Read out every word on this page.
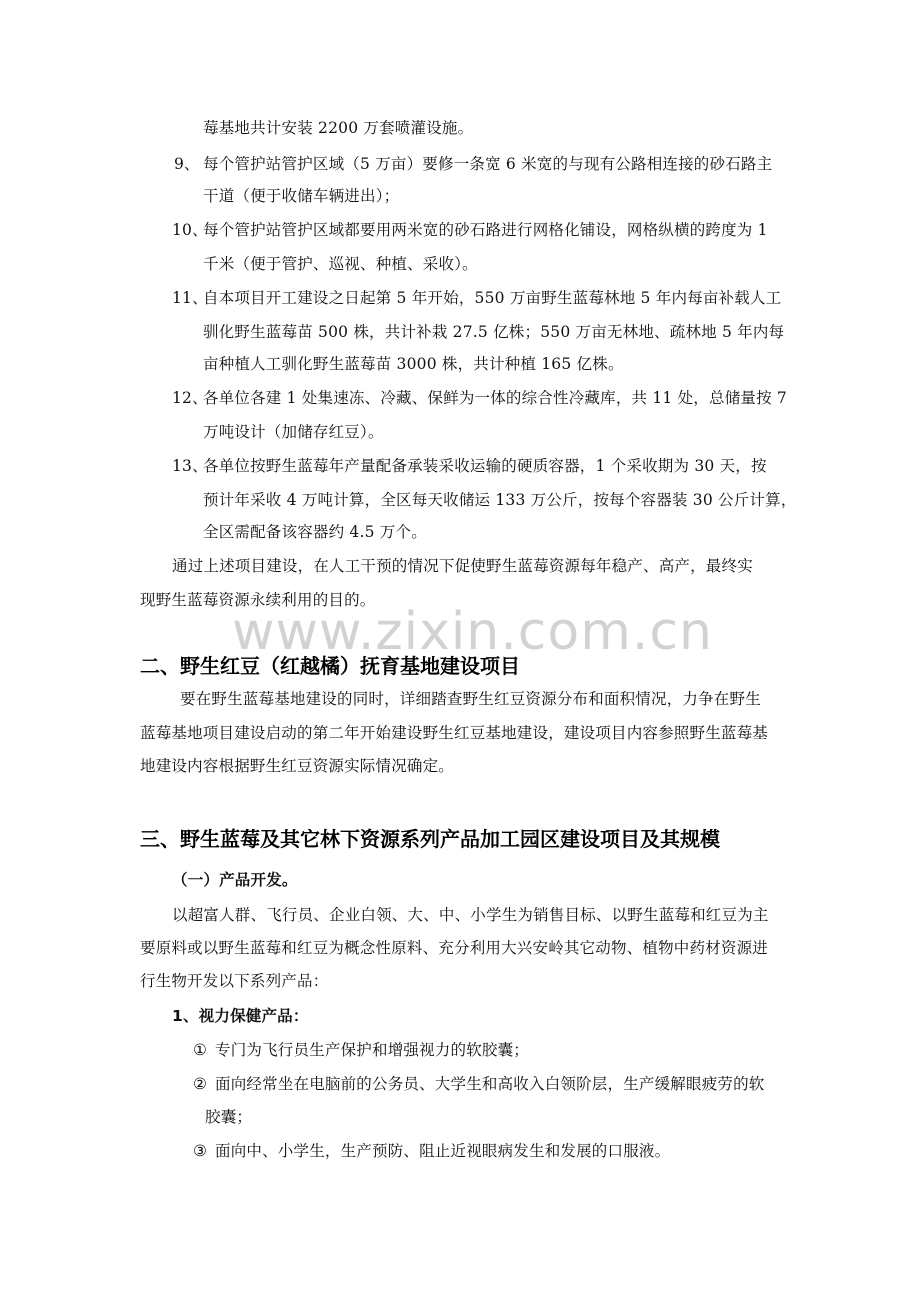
www.zixin.com.cn
莓基地共计安装 2200 万套喷灌设施。
9、 每个管护站管护区域（5 万亩）要修一条宽 6 米宽的与现有公路相连接的砂石路主
干道（便于收储车辆进出）；
10、
每个管护站管护区域都要用两米宽的砂石路进行网格化铺设，网格纵横的跨度为 1
千米（便于管护、巡视、种植、采收）。
11、
自本项目开工建设之日起第 5 年开始，550 万亩野生蓝莓林地 5 年内每亩补载人工
驯化野生蓝莓苗 500 株，共计补栽 27.5 亿株；550 万亩无林地、疏林地 5 年内每
亩种植人工驯化野生蓝莓苗 3000 株，共计种植 165 亿株。
12、
各单位各建 1 处集速冻、冷藏、保鲜为一体的综合性冷藏库，共 11 处，总储量按 7
万吨设计（加储存红豆）。
13、
各单位按野生蓝莓年产量配备承装采收运输的硬质容器，1 个采收期为 30 天，按
预计年采收 4 万吨计算，全区每天收储运 133 万公斤，按每个容器装 30 公斤计算，
全区需配备该容器约 4.5 万个。
通过上述项目建设，在人工干预的情况下促使野生蓝莓资源每年稳产、高产，最终实
现野生蓝莓资源永续利用的目的。
二、野生红豆（红越橘）抚育基地建设项目
要在野生蓝莓基地建设的同时，详细踏查野生红豆资源分布和面积情况，力争在野生
蓝莓基地项目建设启动的第二年开始建设野生红豆基地建设，建设项目内容参照野生蓝莓基
地建设内容根据野生红豆资源实际情况确定。
三、野生蓝莓及其它林下资源系列产品加工园区建设项目及其规模
（一）产品开发。
以超富人群、飞行员、企业白领、大、中、小学生为销售目标、以野生蓝莓和红豆为主
要原料或以野生蓝莓和红豆为概念性原料、充分利用大兴安岭其它动物、植物中药材资源进
行生物开发以下系列产品：
1、视力保健产品：
① 专门为飞行员生产保护和增强视力的软胶囊；
② 面向经常坐在电脑前的公务员、大学生和高收入白领阶层，生产缓解眼疲劳的软
胶囊；
③ 面向中、小学生，生产预防、阻止近视眼病发生和发展的口服液。
